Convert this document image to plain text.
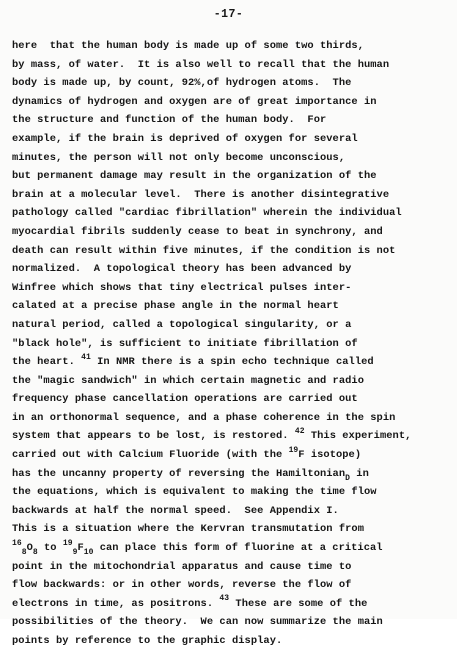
-17-
here  that the human body is made up of some two thirds,
by mass, of water.  It is also well to recall that the human
body is made up, by count, 92%,of hydrogen atoms.  The
dynamics of hydrogen and oxygen are of great importance in
the structure and function of the human body.  For
example, if the brain is deprived of oxygen for several
minutes, the person will not only become unconscious,
but permanent damage may result in the organization of the
brain at a molecular level.  There is another disintegrative
pathology called "cardiac fibrillation" wherein the individual
myocardial fibrils suddenly cease to beat in synchrony, and
death can result within five minutes, if the condition is not
normalized.  A topological theory has been advanced by
Winfree which shows that tiny electrical pulses inter-
calated at a precise phase angle in the normal heart
natural period, called a topological singularity, or a
"black hole", is sufficient to initiate fibrillation of
the heart. $^{41}$ In NMR there is a spin echo technique called
the "magic sandwich" in which certain magnetic and radio
frequency phase cancellation operations are carried out
in an orthonormal sequence, and a phase coherence in the spin
system that appears to be lost, is restored. $^{42}$ This experiment,
carried out with Calcium Fluoride (with the $^{19}$F isotope)
has the uncanny property of reversing the Hamiltonian$_D$ in
the equations, which is equivalent to making the time flow
backwards at half the normal speed.  See Appendix I.
This is a situation where the Kervran transmutation from
$^{16}_8O_8$ to $^{19}_9F_{10}$ can place this form of fluorine at a critical
point in the mitochondrial apparatus and cause time to
flow backwards: or in other words, reverse the flow of
electrons in time, as positrons. $^{43}$ These are some of the
possibilities of the theory.  We can now summarize the main
points by reference to the graphic display.
